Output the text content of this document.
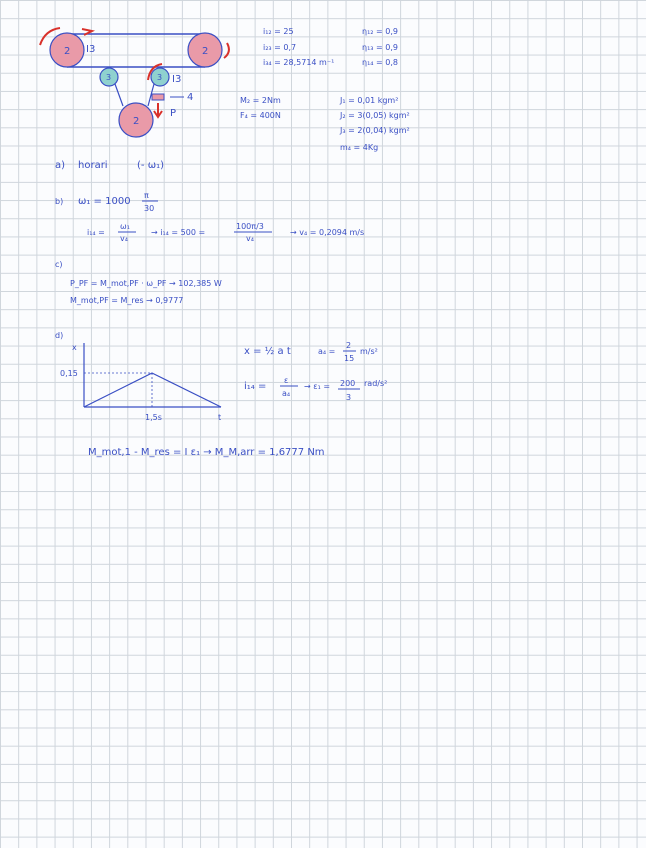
2	2
3	3
2
I3
I3
4
P
i₁₂ = 25
i₂₃ = 0,7
i₃₄ = 28,5714 m⁻¹
η₁₂ = 0,9
η₁₃ = 0,9
η₁₄ = 0,8
M₂ = 2Nm
F₄ = 400N
J₁ = 0,01 kgm²
J₂ = 3(0,05) kgm²
J₃ = 2(0,04) kgm²
m₄ = 4Kg
a) horari	(- ω₁)
b) ω₁ = 1000
π
30
i₁₄ =
ω₁
v₄
→ i₁₄ = 500 =
100π/3
v₄
→ v₄ = 0,2094 m/s
c)
P_PF = M_mot,PF · ω_PF → 102,385 W
M_mot,PF = M_res → 0,9777
d)
x
0,15
1,5s	t
x = ½ a t	a₄ =
2
15
m/s²
i₁₄ =
ε
a₄
→ ε₁ = 200
3
rad/s²
M_mot,1 - M_res = I ε₁ → M_M,arr = 1,6777 Nm
